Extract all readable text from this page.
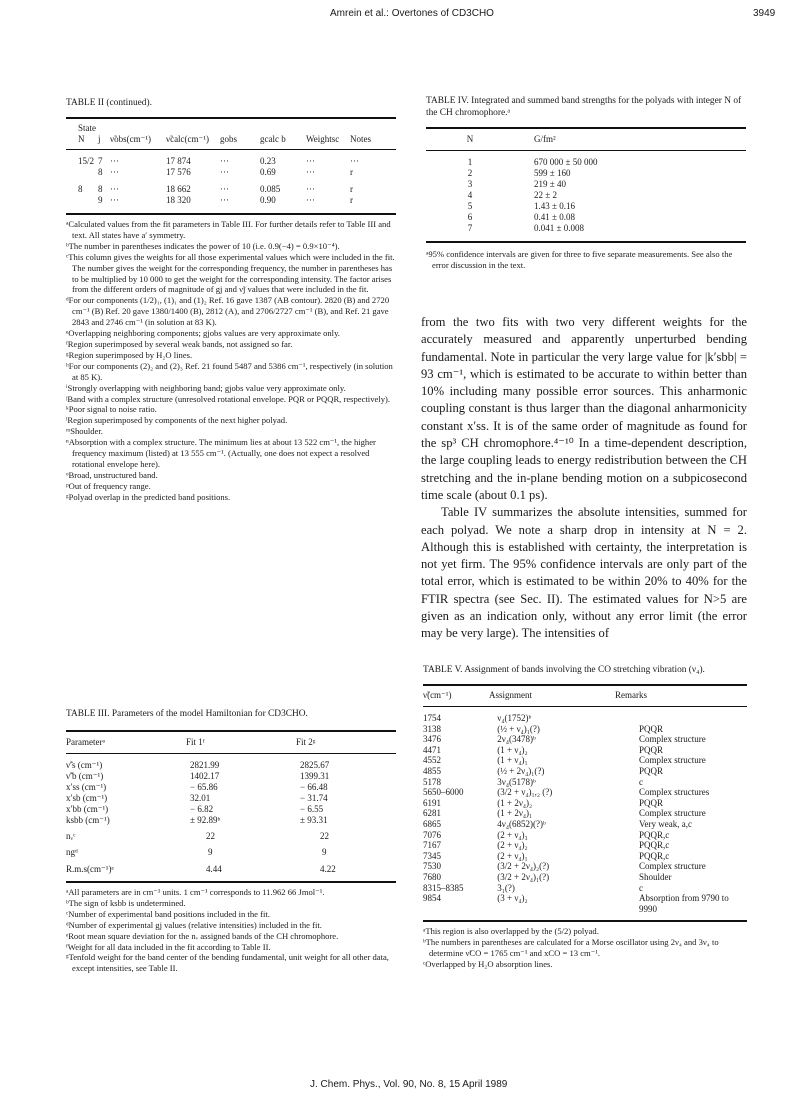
Amrein et al.: Overtones of CD3CHO	3949
TABLE II (continued).
State							
N	j	ν̃obs(cm⁻¹)	ν̃calc(cm⁻¹)	gobs	gcalc b	Weightsc	Notes
15/2	7	···	17 874	···	0.23	···	···
	8	···	17 576	···	0.69	···	r
8	8	···	18 662	···	0.085	···	r
	9	···	18 320	···	0.90	···	r

ᵃCalculated values from the fit parameters in Table III. For further details refer to Table III and text. All states have a′ symmetry.

ᵇThe number in parentheses indicates the power of 10 (i.e. 0.9(−4) = 0.9×10⁻⁴).

ᶜThis column gives the weights for all those experimental values which were included in the fit. The number gives the weight for the corresponding frequency, the number in parentheses has to be multiplied by 10 000 to get the weight for the corresponding intensity. The factor arises from the different orders of magnitude of gj and ν̃j values that were included in the fit.

ᵈFor our components (1/2)₁, (1)₁ and (1)₂ Ref. 16 gave 1387 (AB contour). 2820 (B) and 2720 cm⁻¹ (B) Ref. 20 gave 1380/1400 (B), 2812 (A), and 2706/2727 cm⁻¹ (B), and Ref. 21 gave 2843 and 2746 cm⁻¹ (in solution at 83 K).

ᵉOverlapping neighboring components; gjobs values are very approximate only.

ᶠRegion superimposed by several weak bands, not assigned so far.

ᵍRegion superimposed by H₂O lines.

ʰFor our components (2)₂ and (2)₃ Ref. 21 found 5487 and 5386 cm⁻¹, respectively (in solution at 85 K).

ⁱStrongly overlapping with neighboring band; gjobs value very approximate only.

ʲBand with a complex structure (unresolved rotational envelope. PQR or PQQR, respectively).

ᵏPoor signal to noise ratio.

ˡRegion superimposed by components of the next higher polyad.

ᵐShoulder.

ⁿAbsorption with a complex structure. The minimum lies at about 13 522 cm⁻¹, the higher frequency maximum (listed) at 13 555 cm⁻¹. (Actually, one does not expect a resolved rotational envelope here).

ᵒBroad, unstructured band.

ᵖOut of frequency range.

ᵍPolyad overlap in the predicted band positions.

TABLE IV. Integrated and summed band strengths for the polyads with integer N of the CH chromophore.ᵃ
N	G/fm²
1	670 000 ± 50 000
2	599 ± 160
3	219 ± 40
4	22 ± 2
5	1.43 ± 0.16
6	0.41 ± 0.08
7	0.041 ± 0.008

ᵃ95% confidence intervals are given for three to five separate measurements. See also the error discussion in the text.

from the two fits with two very different weights for the accurately measured and apparently unperturbed bending fundamental. Note in particular the very large value for |k′sbb| = 93 cm⁻¹, which is estimated to be accurate to within better than 10% including many possible error sources. This anharmonic coupling constant is thus larger than the diagonal anharmonicity constant x′ss. It is of the same order of magnitude as found for the sp³ CH chromophore.⁴⁻¹⁰ In a time-dependent description, the large coupling leads to energy redistribution between the CH stretching and the in-plane bending motion on a subpicosecond time scale (about 0.1 ps).

Table IV summarizes the absolute intensities, summed for each polyad. We note a sharp drop in intensity at N = 2. Although this is established with certainty, the interpretation is not yet firm. The 95% confidence intervals are only part of the total error, which is estimated to be within 20% to 40% for the FTIR spectra (see Sec. II). The estimated values for N>5 are given as an indication only, without any error limit (the error may be very large). The intensities of

TABLE III. Parameters of the model Hamiltonian for CD3CHO.
Parameterᵃ	Fit 1ᶠ	Fit 2ᵍ
ν̃′s (cm⁻¹)	2821.99	2825.67
ν̃′b (cm⁻¹)	1402.17	1399.31
x′ss (cm⁻¹)	− 65.86	− 66.48
x′sb (cm⁻¹)	32.01	− 31.74
x′bb (cm⁻¹)	− 6.82	− 6.55
ksbb (cm⁻¹)	± 92.89ᵇ	± 93.31
nᵥᶜ	22	22
ngᵈ	9	9
R.m.s(cm⁻¹)ᵉ	4.44	4.22

ᵃAll parameters are in cm⁻¹ units. 1 cm⁻¹ corresponds to 11.962 66 Jmol⁻¹.

ᵇThe sign of ksbb is undetermined.

ᶜNumber of experimental band positions included in the fit.

ᵈNumber of experimental gj values (relative intensities) included in the fit.

ᵉRoot mean square deviation for the nᵥ assigned bands of the CH chromophore.

ᶠWeight for all data included in the fit according to Table II.

ᵍTenfold weight for the band center of the bending fundamental, unit weight for all other data, except intensities, see Table II.

TABLE V. Assignment of bands involving the CO stretching vibration (ν₄).
ν̃(cm⁻¹)	Assignment	Remarks
1754	ν₄(1752)ᵇ	
3138	(½ + ν₄)₁(?)	PQQR
3476	2ν₄(3478)ᵇ	Complex structure
4471	(1 + ν₄)₂	PQQR
4552	(1 + ν₄)₁	Complex structure
4855	(½ + 2ν₄)₁(?)	PQQR
5178	3ν₄(5178)ᵇ	c
5650–6000	(3/2 + ν₄)₁,₂ (?)	Complex structures
6191	(1 + 2ν₄)₂	PQQR
6281	(1 + 2ν₄)₁	Complex structure
6865	4ν₄(6852)(?)ᵇ	Very weak, a,c
7076	(2 + ν₄)₃	PQQR,c
7167	(2 + ν₄)₂	PQQR,c
7345	(2 + ν₄)₁	PQQR,c
7530	(3/2 + 2ν₄)₂(?)	Complex structure
7680	(3/2 + 2ν₄)₁(?)	Shoulder
8315–8385	3₁(?)	c
9854	(3 + ν₄)₂	Absorption from 9790 to 9990

ᵃThis region is also overlapped by the (5/2) polyad.

ᵇThe numbers in parentheses are calculated for a Morse oscillator using 2ν₄ and 3ν₄ to determine ν̃CO = 1765 cm⁻¹ and xCO = 13 cm⁻¹.

ᶜOverlapped by H₂O absorption lines.

J. Chem. Phys., Vol. 90, No. 8, 15 April 1989
